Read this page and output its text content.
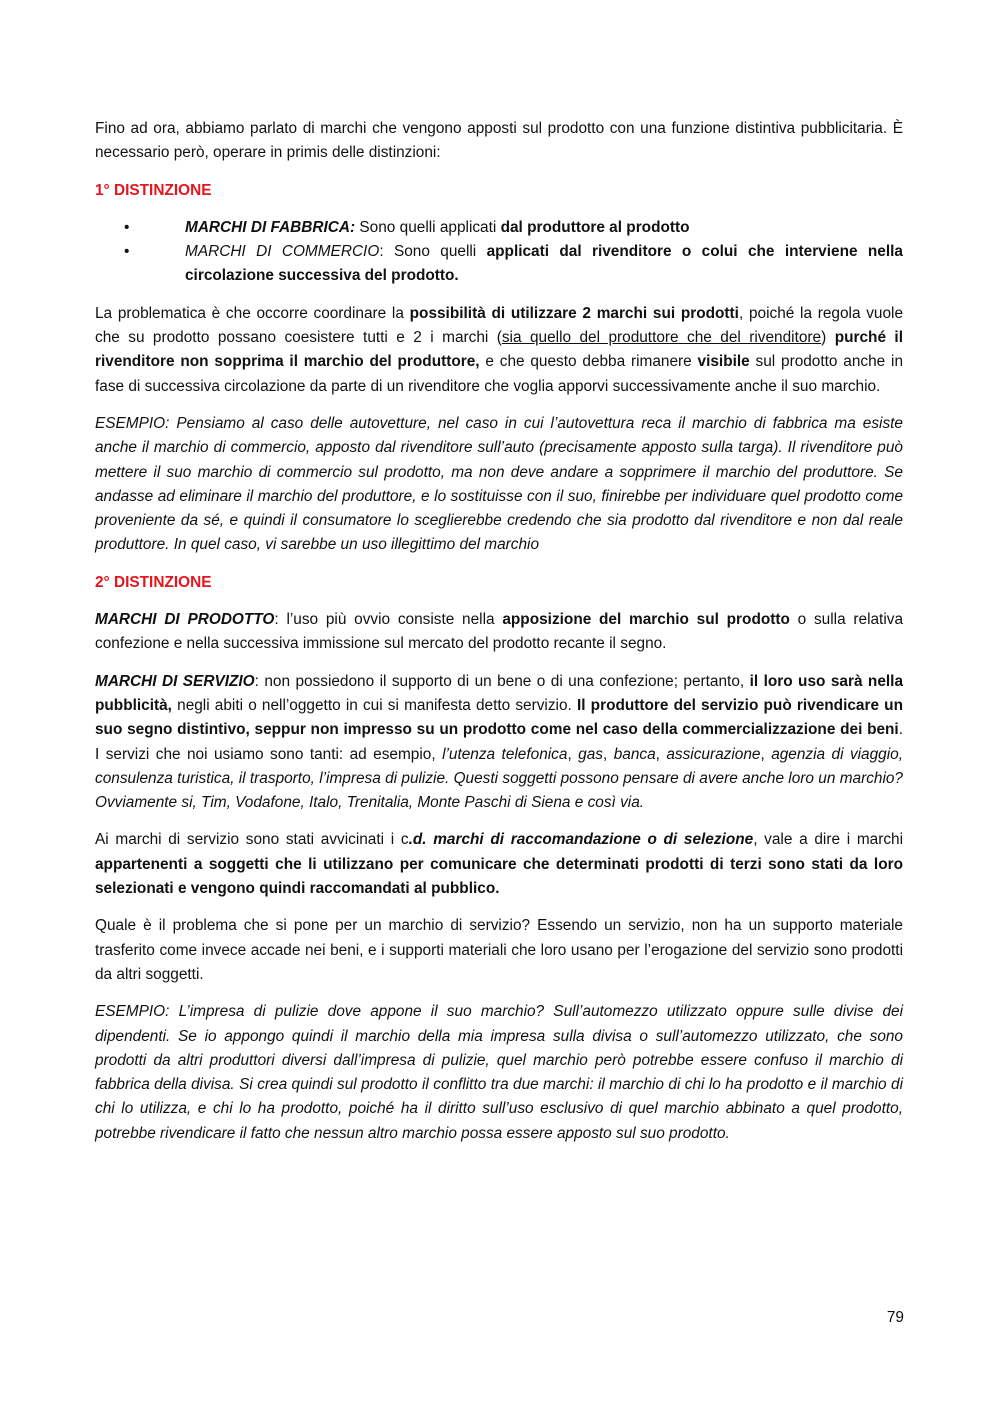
Fino ad ora, abbiamo parlato di marchi che vengono apposti sul prodotto con una funzione distintiva pubblicitaria. È necessario però, operare in primis delle distinzioni:

1° DISTINZIONE
•	MARCHI DI FABBRICA: Sono quelli applicati dal produttore al prodotto
•	MARCHI DI COMMERCIO: Sono quelli applicati dal rivenditore o colui che interviene nella circolazione successiva del prodotto.

La problematica è che occorre coordinare la possibilità di utilizzare 2 marchi sui prodotti, poiché la regola vuole che su prodotto possano coesistere tutti e 2 i marchi (sia quello del produttore che del rivenditore) purché il rivenditore non sopprima il marchio del produttore, e che questo debba rimanere visibile sul prodotto anche in fase di successiva circolazione da parte di un rivenditore che voglia apporvi successivamente anche il suo marchio.

ESEMPIO: Pensiamo al caso delle autovetture, nel caso in cui l’autovettura reca il marchio di fabbrica ma esiste anche il marchio di commercio, apposto dal rivenditore sull’auto (precisamente apposto sulla targa). Il rivenditore può mettere il suo marchio di commercio sul prodotto, ma non deve andare a sopprimere il marchio del produttore. Se andasse ad eliminare il marchio del produttore, e lo sostituisse con il suo, finirebbe per individuare quel prodotto come proveniente da sé, e quindi il consumatore lo sceglierebbe credendo che sia prodotto dal rivenditore e non dal reale produttore. In quel caso, vi sarebbe un uso illegittimo del marchio

2° DISTINZIONE

MARCHI DI PRODOTTO: l’uso più ovvio consiste nella apposizione del marchio sul prodotto o sulla relativa confezione e nella successiva immissione sul mercato del prodotto recante il segno.

MARCHI DI SERVIZIO: non possiedono il supporto di un bene o di una confezione; pertanto, il loro uso sarà nella pubblicità, negli abiti o nell’oggetto in cui si manifesta detto servizio. Il produttore del servizio può rivendicare un suo segno distintivo, seppur non impresso su un prodotto come nel caso della commercializzazione dei beni. I servizi che noi usiamo sono tanti: ad esempio, l’utenza telefonica, gas, banca, assicurazione, agenzia di viaggio, consulenza turistica, il trasporto, l’impresa di pulizie. Questi soggetti possono pensare di avere anche loro un marchio? Ovviamente si, Tim, Vodafone, Italo, Trenitalia, Monte Paschi di Siena e così via.

Ai marchi di servizio sono stati avvicinati i c.d. marchi di raccomandazione o di selezione, vale a dire i marchi appartenenti a soggetti che li utilizzano per comunicare che determinati prodotti di terzi sono stati da loro selezionati e vengono quindi raccomandati al pubblico.

Quale è il problema che si pone per un marchio di servizio? Essendo un servizio, non ha un supporto materiale trasferito come invece accade nei beni, e i supporti materiali che loro usano per l’erogazione del servizio sono prodotti da altri soggetti.

ESEMPIO: L’impresa di pulizie dove appone il suo marchio? Sull’automezzo utilizzato oppure sulle divise dei dipendenti. Se io appongo quindi il marchio della mia impresa sulla divisa o sull’automezzo utilizzato, che sono prodotti da altri produttori diversi dall’impresa di pulizie, quel marchio però potrebbe essere confuso il marchio di fabbrica della divisa. Si crea quindi sul prodotto il conflitto tra due marchi: il marchio di chi lo ha prodotto e il marchio di chi lo utilizza, e chi lo ha prodotto, poiché ha il diritto sull’uso esclusivo di quel marchio abbinato a quel prodotto, potrebbe rivendicare il fatto che nessun altro marchio possa essere apposto sul suo prodotto.

79
